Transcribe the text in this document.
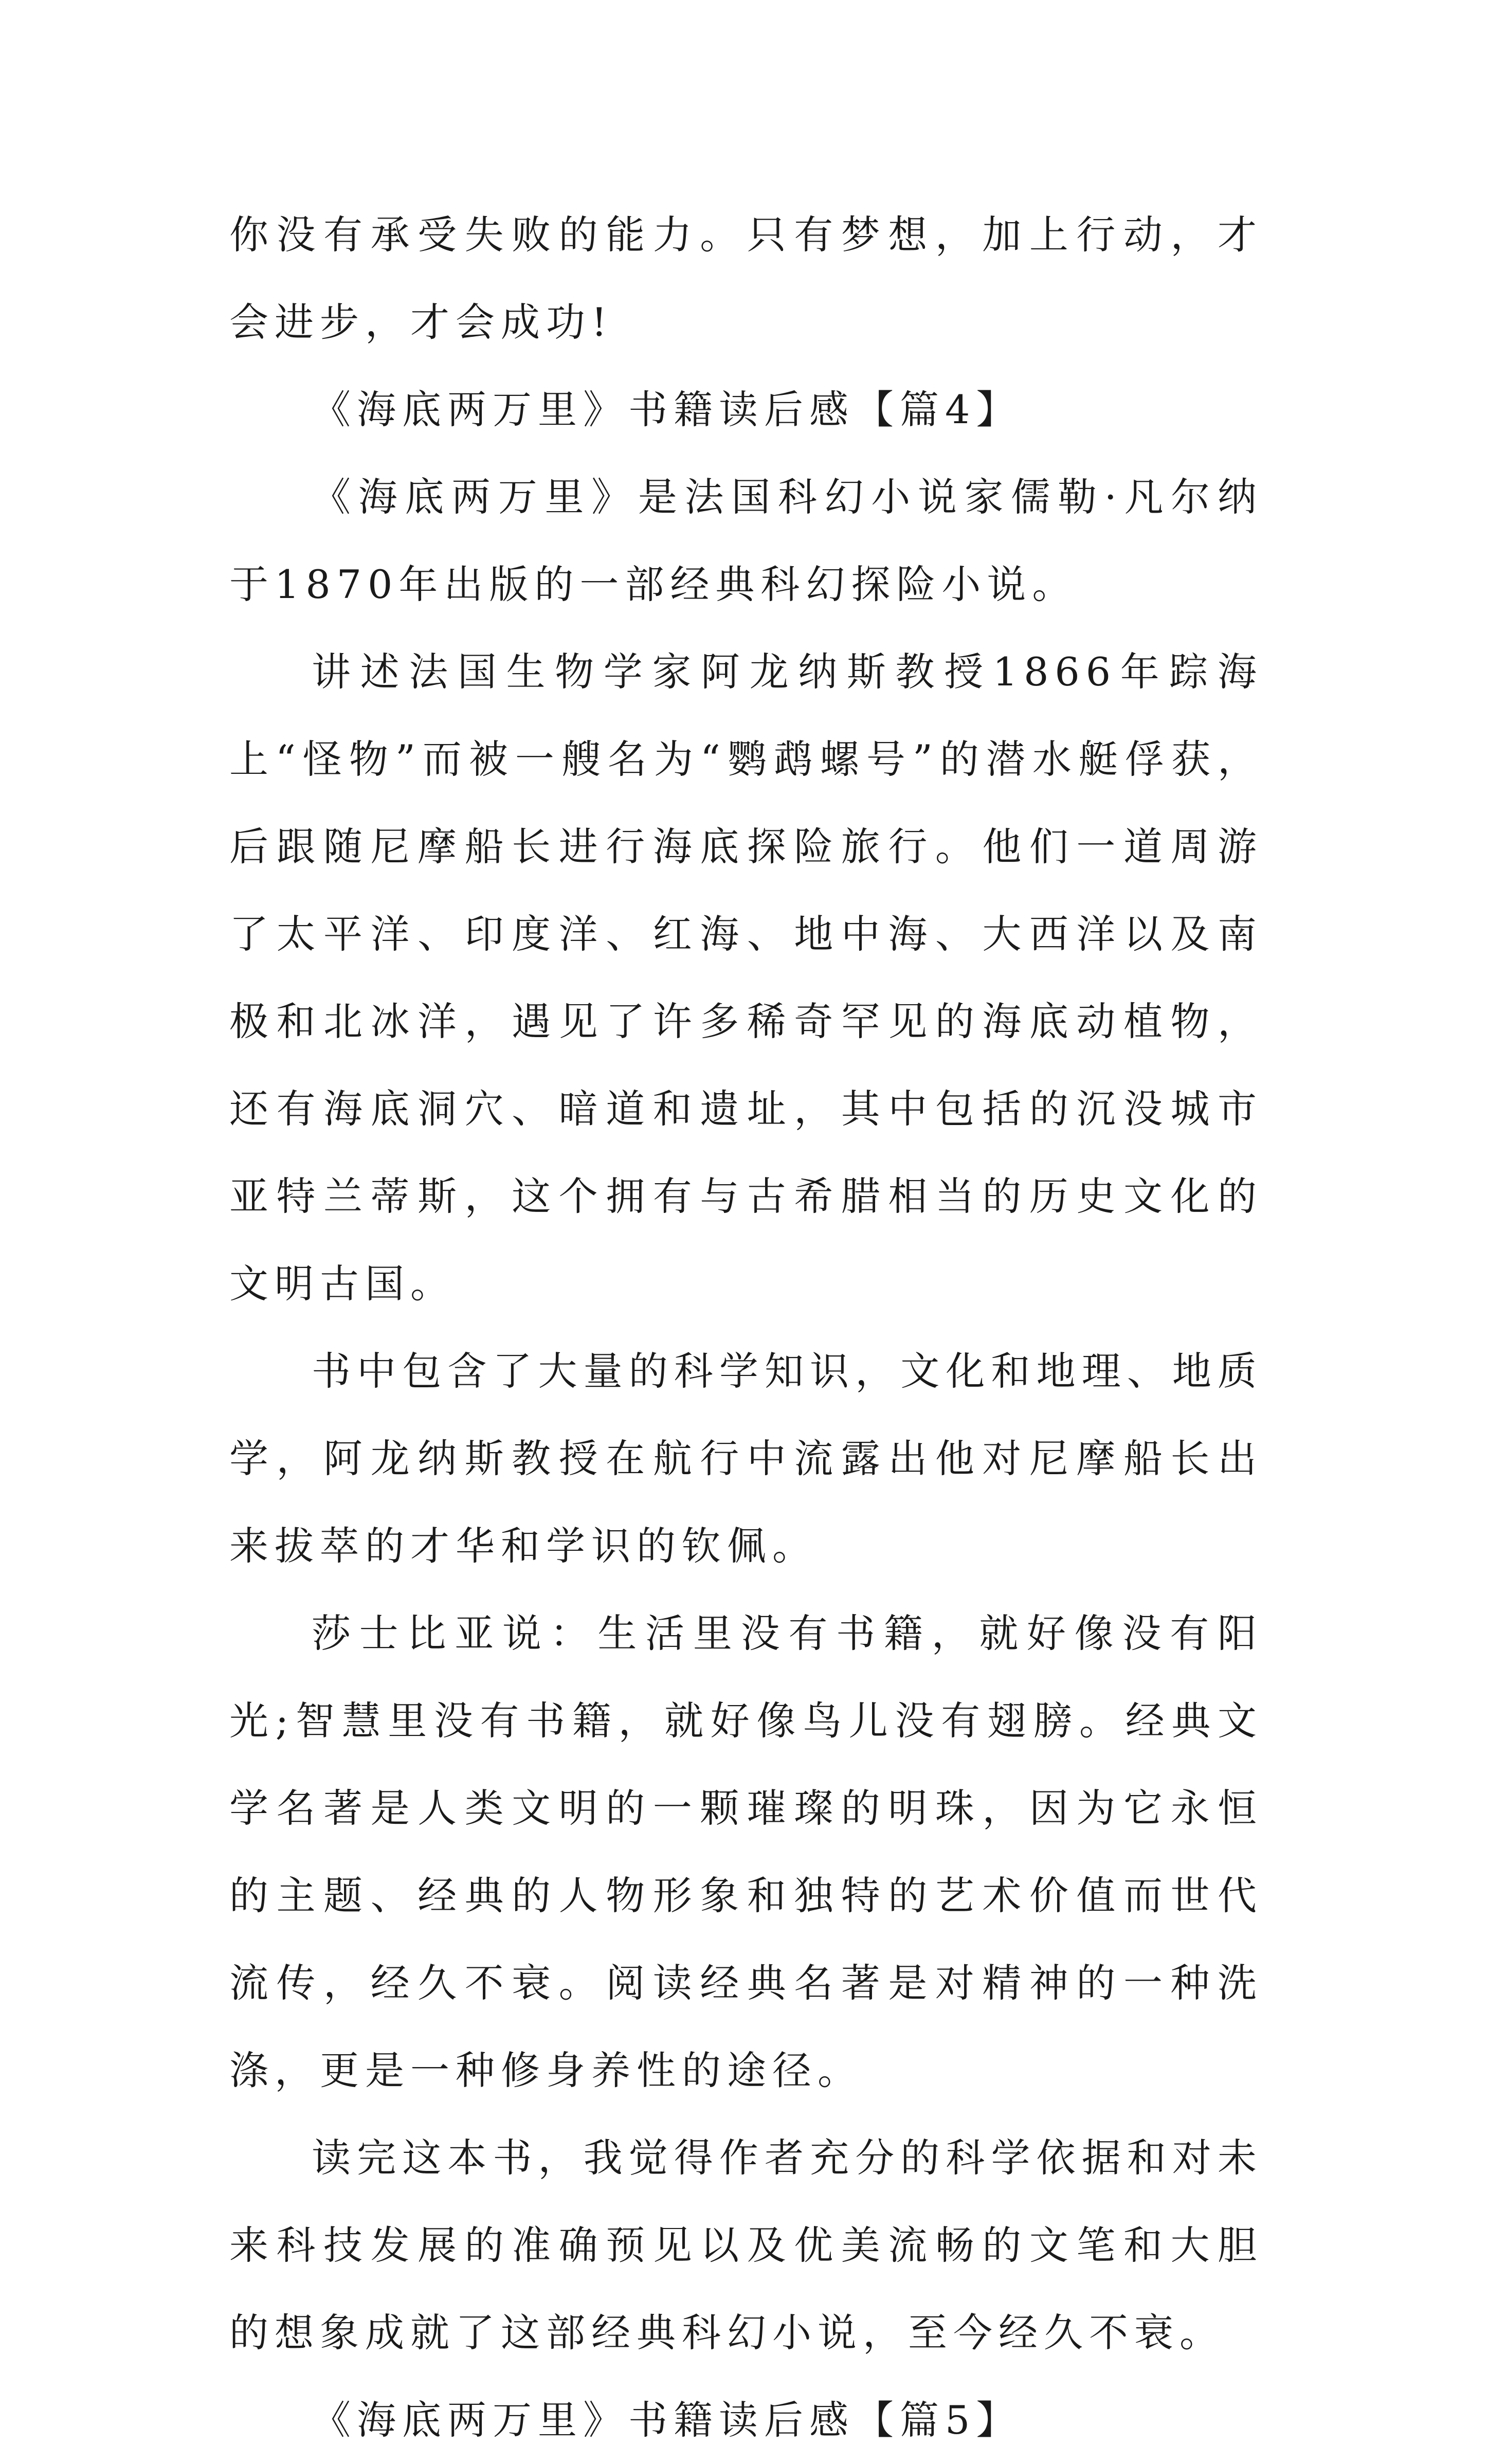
你没有承受失败的能力。只有梦想，加上行动，才会进步，才会成功!

《海底两万里》书籍读后感【篇4】

《海底两万里》是法国科幻小说家儒勒·凡尔纳于1870年出版的一部经典科幻探险小说。

讲述法国生物学家阿龙纳斯教授1866年踪海上“怪物”而被一艘名为“鹦鹉螺号”的潜水艇俘获，后跟随尼摩船长进行海底探险旅行。他们一道周游了太平洋、印度洋、红海、地中海、大西洋以及南极和北冰洋，遇见了许多稀奇罕见的海底动植物，还有海底洞穴、暗道和遗址，其中包括的沉没城市亚特兰蒂斯，这个拥有与古希腊相当的历史文化的文明古国。

书中包含了大量的科学知识，文化和地理、地质学，阿龙纳斯教授在航行中流露出他对尼摩船长出来拔萃的才华和学识的钦佩。

莎士比亚说：生活里没有书籍，就好像没有阳光;智慧里没有书籍，就好像鸟儿没有翅膀。经典文学名著是人类文明的一颗璀璨的明珠，因为它永恒的主题、经典的人物形象和独特的艺术价值而世代流传，经久不衰。阅读经典名著是对精神的一种洗涤，更是一种修身养性的途径。

读完这本书，我觉得作者充分的科学依据和对未来科技发展的准确预见以及优美流畅的文笔和大胆的想象成就了这部经典科幻小说，至今经久不衰。

《海底两万里》书籍读后感【篇5】
